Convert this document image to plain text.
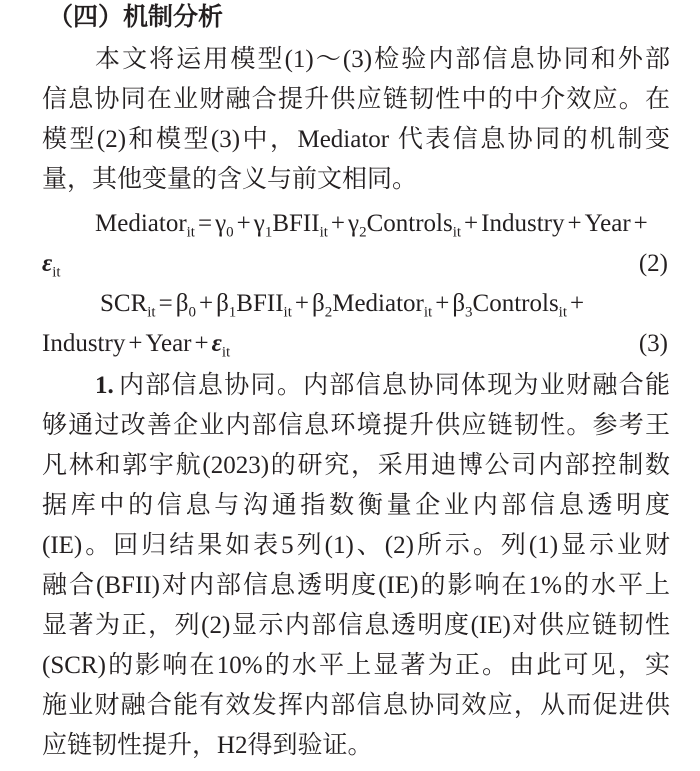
（四）机制分析
本文将运用模型(1)～(3)检验内部信息协同和外部
信息协同在业财融合提升供应链韧性中的中介效应。在
模型(2)和模型(3)中，Mediator 代表信息协同的机制变
量，其他变量的含义与前文相同。
Mediator$_{it}$ = $\gamma_0$ + $\gamma_1BFII_{it}$ + $\gamma_2Controls_{it}$ + Industry + Year +
$\varepsilon_{it}$	(2)
$SCR_{it} = \beta_0$ + $\beta_1BFII_{it}$ + $\beta_2Mediator_{it}$ + $\beta_3Controls_{it}$ +
Industry + Year + $\varepsilon_{it}$	(3)
1. 内部信息协同。内部信息协同体现为业财融合能
够通过改善企业内部信息环境提升供应链韧性。参考王
凡林和郭宇航(2023)的研究，采用迪博公司内部控制数
据库中的信息与沟通指数衡量企业内部信息透明度
(IE)。回归结果如表5列(1)、(2)所示。列(1)显示业财
融合(BFII)对内部信息透明度(IE)的影响在1%的水平上
显著为正，列(2)显示内部信息透明度(IE)对供应链韧性
(SCR)的影响在10%的水平上显著为正。由此可见，实
施业财融合能有效发挥内部信息协同效应，从而促进供
应链韧性提升，H2得到验证。
